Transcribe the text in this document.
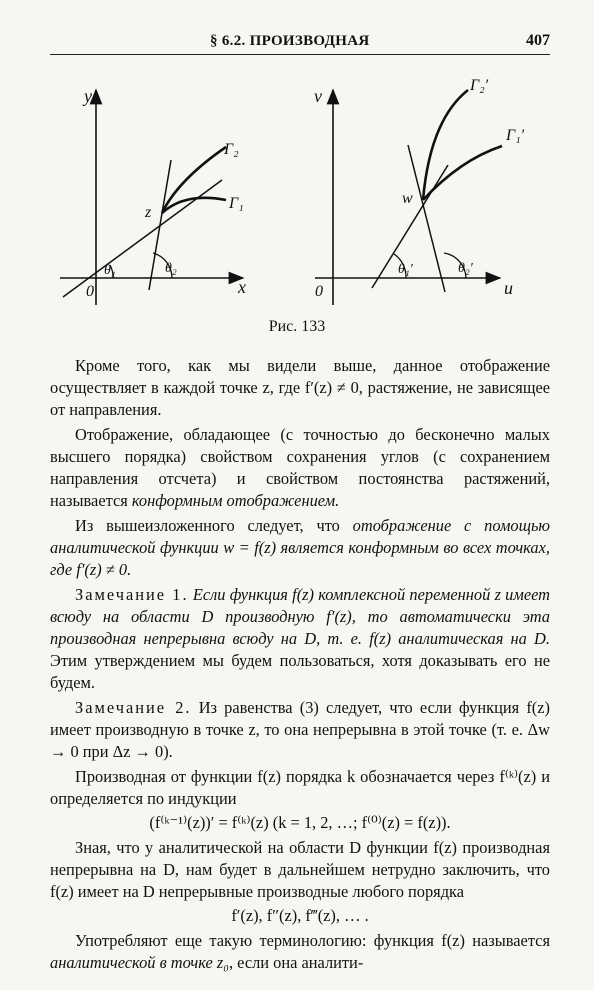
§ 6.2. ПРОИЗВОДНАЯ	407
y
x
0
z
Γ₂
Γ₁
θ₁	θ₂
v
u
0
w
Γ₂′
Γ₁′
θ₁′	θ₂′
Рис. 133

Кроме того, как мы видели выше, данное отображение осуществляет в каждой точке z, где f′(z) ≠ 0, растяжение, не зависящее от направления.

Отображение, обладающее (с точностью до бесконечно малых высшего порядка) свойством сохранения углов (с сохранением направления отсчета) и свойством постоянства растяжений, называется конформным отображением.

Из вышеизложенного следует, что отображение с помощью аналитической функции w = f(z) является конформным во всех точках, где f′(z) ≠ 0.

Замечание 1. Если функция f(z) комплексной переменной z имеет всюду на области D производную f′(z), то автоматически эта производная непрерывна всюду на D, т. е. f(z) аналитическая на D. Этим утверждением мы будем пользоваться, хотя доказывать его не будем.

Замечание 2. Из равенства (3) следует, что если функция f(z) имеет производную в точке z, то она непрерывна в этой точке (т. е. Δw → 0 при Δz → 0).

Производная от функции f(z) порядка k обозначается через f⁽ᵏ⁾(z) и определяется по индукции

(f⁽ᵏ⁻¹⁾(z))′ = f⁽ᵏ⁾(z) (k = 1, 2, …; f⁽⁰⁾(z) = f(z)).

Зная, что у аналитической на области D функции f(z) производная непрерывна на D, нам будет в дальнейшем нетрудно заключить, что f(z) имеет на D непрерывные производные любого порядка

f′(z), f″(z), f‴(z), … .

Употребляют еще такую терминологию: функция f(z) называется аналитической в точке z₀, если она аналити-
